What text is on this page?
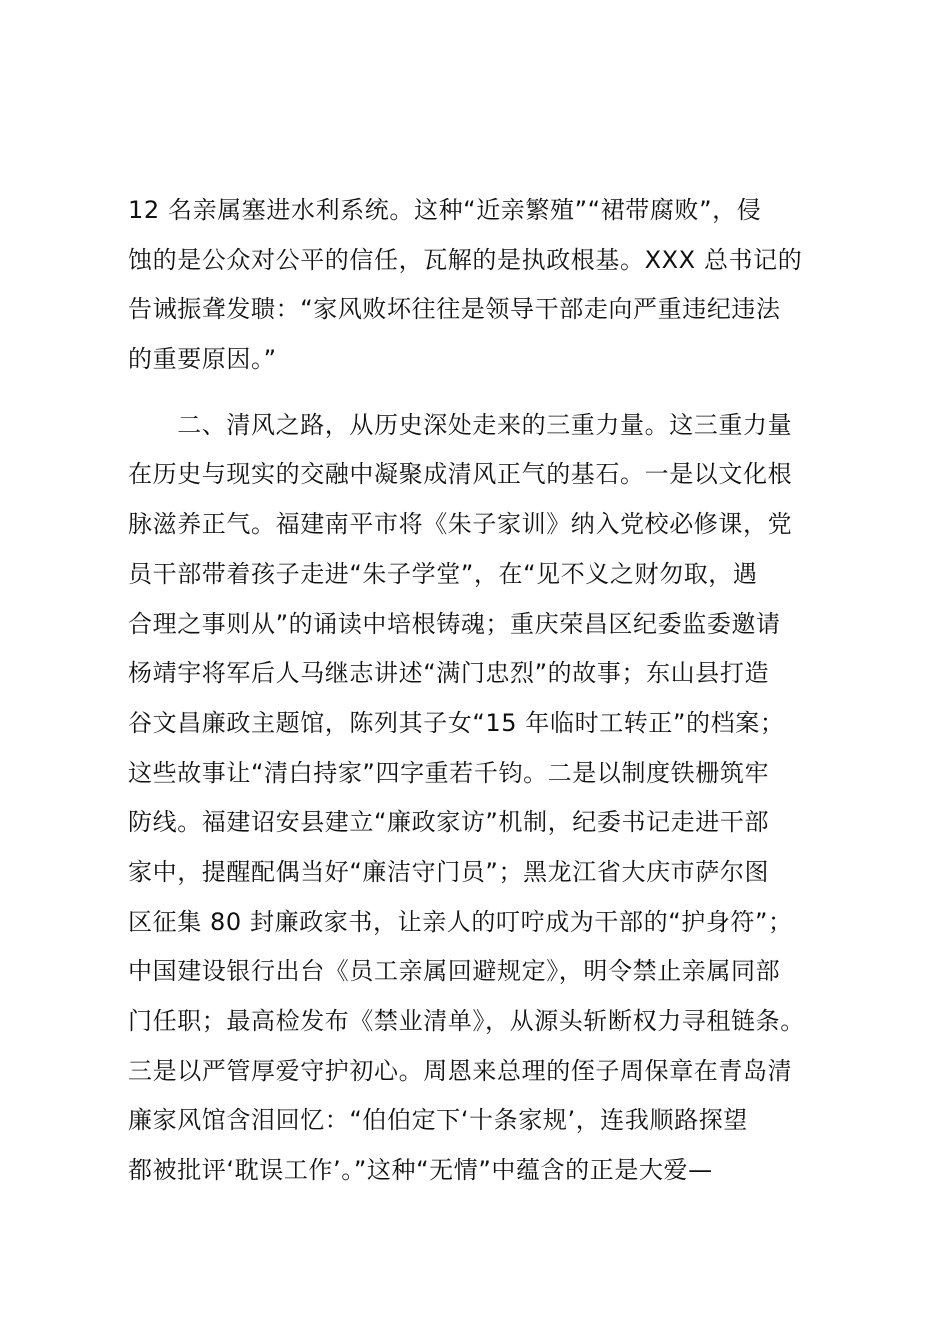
12 名亲属塞进水利系统。这种“近亲繁殖”“裙带腐败”，侵
蚀的是公众对公平的信任，瓦解的是执政根基。XXX 总书记的
告诫振聋发聩：“家风败坏往往是领导干部走向严重违纪违法
的重要原因。”
　　二、清风之路，从历史深处走来的三重力量。这三重力量
在历史与现实的交融中凝聚成清风正气的基石。一是以文化根
脉滋养正气。福建南平市将《朱子家训》纳入党校必修课，党
员干部带着孩子走进“朱子学堂”，在“见不义之财勿取，遇
合理之事则从”的诵读中培根铸魂；重庆荣昌区纪委监委邀请
杨靖宇将军后人马继志讲述“满门忠烈”的故事；东山县打造
谷文昌廉政主题馆，陈列其子女“15 年临时工转正”的档案；
这些故事让“清白持家”四字重若千钧。二是以制度铁栅筑牢
防线。福建诏安县建立“廉政家访”机制，纪委书记走进干部
家中，提醒配偶当好“廉洁守门员”；黑龙江省大庆市萨尔图
区征集 80 封廉政家书，让亲人的叮咛成为干部的“护身符”；
中国建设银行出台《员工亲属回避规定》，明令禁止亲属同部
门任职；最高检发布《禁业清单》，从源头斩断权力寻租链条。
三是以严管厚爱守护初心。周恩来总理的侄子周保章在青岛清
廉家风馆含泪回忆：“伯伯定下‘十条家规’，连我顺路探望
都被批评‘耽误工作’。”这种“无情”中蕴含的正是大爱—
